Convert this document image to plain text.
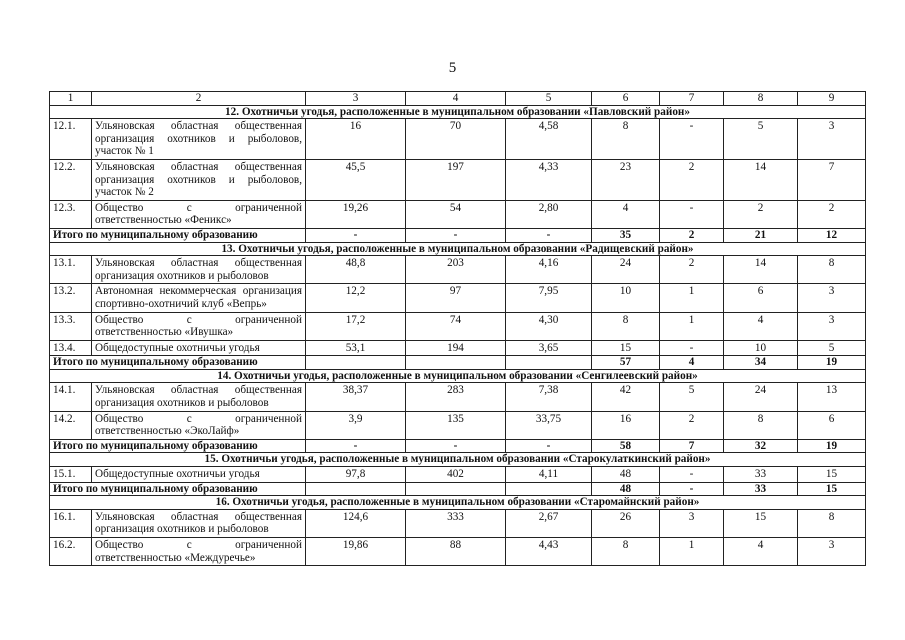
5
1	2	3	4	5	6	7	8	9
12. Охотничьи угодья, расположенные в муниципальном образовании «Павловский район»								
12.1.	Ульяновская областная общественная организация охотников и рыболовов, участок № 1	16	70	4,58	8	-	5	3
12.2.	Ульяновская областная общественная организация охотников и рыболовов, участок № 2	45,5	197	4,33	23	2	14	7
12.3.	Общество с ограниченной ответственностью «Феникс»	19,26	54	2,80	4	-	2	2
Итого по муниципальному образованию		-	-	-	35	2	21	12
13. Охотничьи угодья, расположенные в муниципальном образовании «Радищевский район»								
13.1.	Ульяновская областная общественная организация охотников и рыболовов	48,8	203	4,16	24	2	14	8
13.2.	Автономная некоммерческая организация спортивно-охотничий клуб «Вепрь»	12,2	97	7,95	10	1	6	3
13.3.	Общество с ограниченной ответственностью «Ивушка»	17,2	74	4,30	8	1	4	3
13.4.	Общедоступные охотничьи угодья	53,1	194	3,65	15	-	10	5
Итого по муниципальному образованию					57	4	34	19
14. Охотничьи угодья, расположенные в муниципальном образовании «Сенгилеевский район»								
14.1.	Ульяновская областная общественная организация охотников и рыболовов	38,37	283	7,38	42	5	24	13
14.2.	Общество с ограниченной ответственностью «ЭкоЛайф»	3,9	135	33,75	16	2	8	6
Итого по муниципальному образованию		-	-	-	58	7	32	19
15. Охотничьи угодья, расположенные в муниципальном образовании «Старокулаткинский район»								
15.1.	Общедоступные охотничьи угодья	97,8	402	4,11	48	-	33	15
Итого по муниципальному образованию					48	-	33	15
16. Охотничьи угодья, расположенные в муниципальном образовании «Старомайнский район»								
16.1.	Ульяновская областная общественная организация охотников и рыболовов	124,6	333	2,67	26	3	15	8
16.2.	Общество с ограниченной ответственностью «Междуречье»	19,86	88	4,43	8	1	4	3
